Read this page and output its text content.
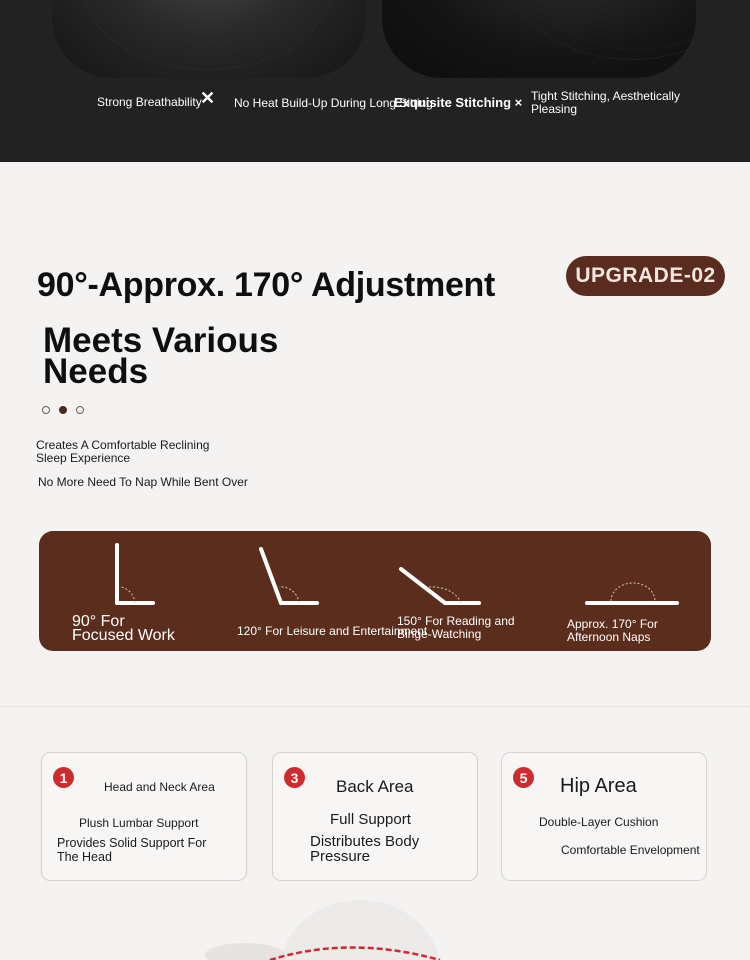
Strong Breathability
✕ No Heat Build-Up During Long Sitting
Exquisite Stitching × Tight Stitching, Aesthetically Pleasing
90°-Approx. 170° Adjustment	UPGRADE-02
Meets Various
Needs

Creates A Comfortable Reclining
Sleep Experience

No More Need To Nap While Bent Over

90° For
Focused Work	120° For Leisure and Entertainment
150° For Reading and
Binge-Watching
Approx. 170° For
Afternoon Naps
1
Head and Neck Area
Plush Lumbar Support
Provides Solid Support For
The Head
3	Back Area
Full Support
Distributes Body
Pressure
5	Hip Area
Double-Layer Cushion
Comfortable Envelopment
